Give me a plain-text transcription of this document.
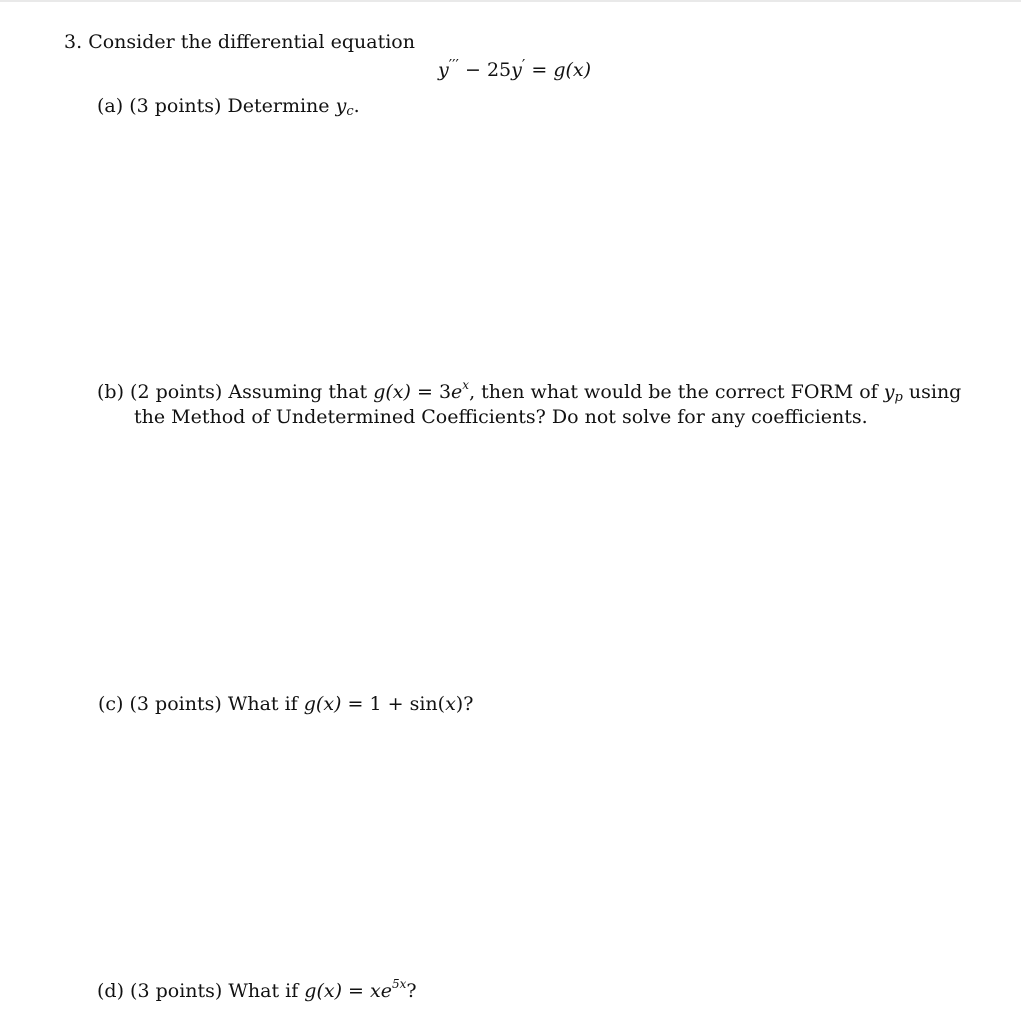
3. Consider the differential equation
y′′′ − 25y′ = g(x)
(a) (3 points) Determine $y_c$.
(b) (2 points) Assuming that $g(x) = 3e^x$, then what would be the correct FORM of $y_p$ using
the Method of Undetermined Coefficients? Do not solve for any coefficients.
(c) (3 points) What if g(x) = 1 + sin(x)?
(d) (3 points) What if $g(x) = xe^{5x}$?
